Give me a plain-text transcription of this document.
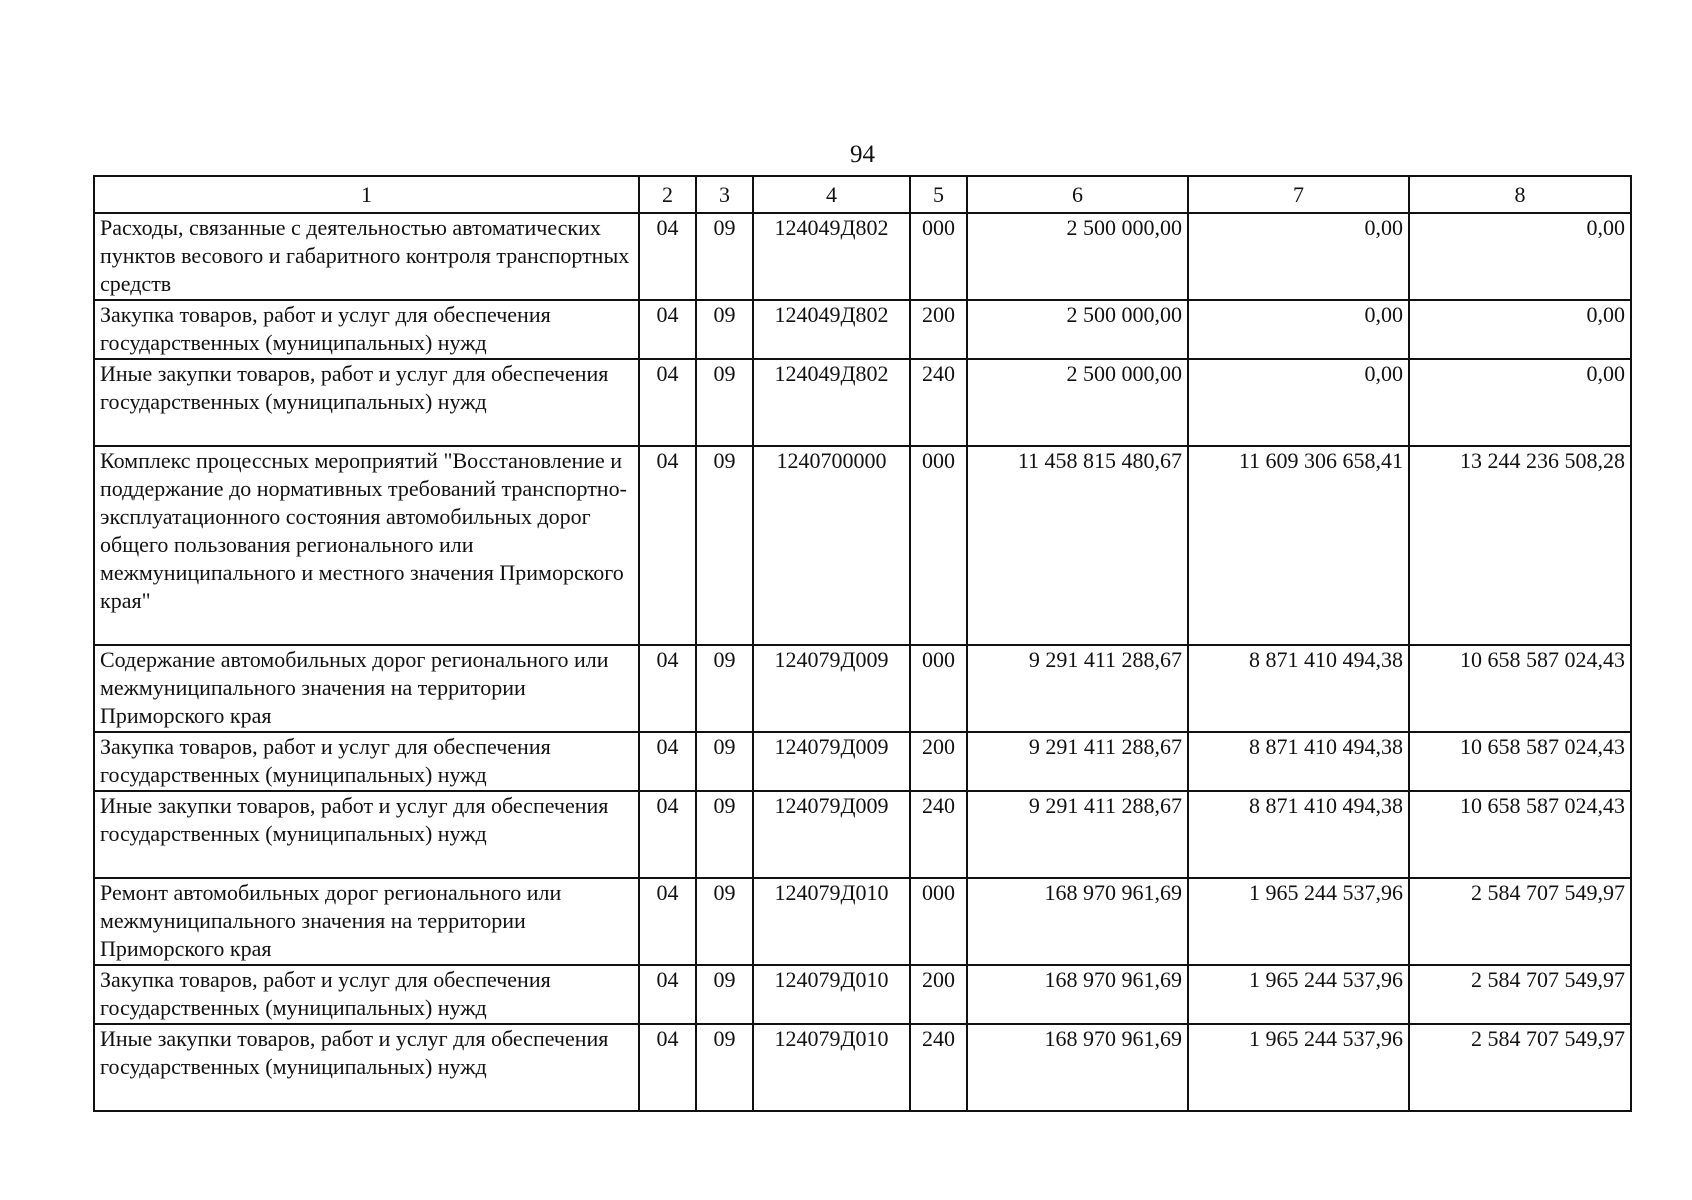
94
1	2	3	4	5	6	7	8
Расходы, связанные с деятельностью автоматических пунктов весового и габаритного контроля транспортных средств	04	09	124049Д802	000	2 500 000,00	0,00	0,00
Закупка товаров, работ и услуг для обеспечения государственных (муниципальных) нужд	04	09	124049Д802	200	2 500 000,00	0,00	0,00
Иные закупки товаров, работ и услуг для обеспечения государственных (муниципальных) нужд	04	09	124049Д802	240	2 500 000,00	0,00	0,00
Комплекс процессных мероприятий "Восстановление и поддержание до нормативных требований транспортно-эксплуатационного состояния автомобильных дорог общего пользования регионального или межмуниципального и местного значения Приморского края"	04	09	1240700000	000	11 458 815 480,67	11 609 306 658,41	13 244 236 508,28
Содержание автомобильных дорог регионального или межмуниципального значения на территории Приморского края	04	09	124079Д009	000	9 291 411 288,67	8 871 410 494,38	10 658 587 024,43
Закупка товаров, работ и услуг для обеспечения государственных (муниципальных) нужд	04	09	124079Д009	200	9 291 411 288,67	8 871 410 494,38	10 658 587 024,43
Иные закупки товаров, работ и услуг для обеспечения государственных (муниципальных) нужд	04	09	124079Д009	240	9 291 411 288,67	8 871 410 494,38	10 658 587 024,43
Ремонт автомобильных дорог регионального или межмуниципального значения на территории Приморского края	04	09	124079Д010	000	168 970 961,69	1 965 244 537,96	2 584 707 549,97
Закупка товаров, работ и услуг для обеспечения государственных (муниципальных) нужд	04	09	124079Д010	200	168 970 961,69	1 965 244 537,96	2 584 707 549,97
Иные закупки товаров, работ и услуг для обеспечения государственных (муниципальных) нужд	04	09	124079Д010	240	168 970 961,69	1 965 244 537,96	2 584 707 549,97
